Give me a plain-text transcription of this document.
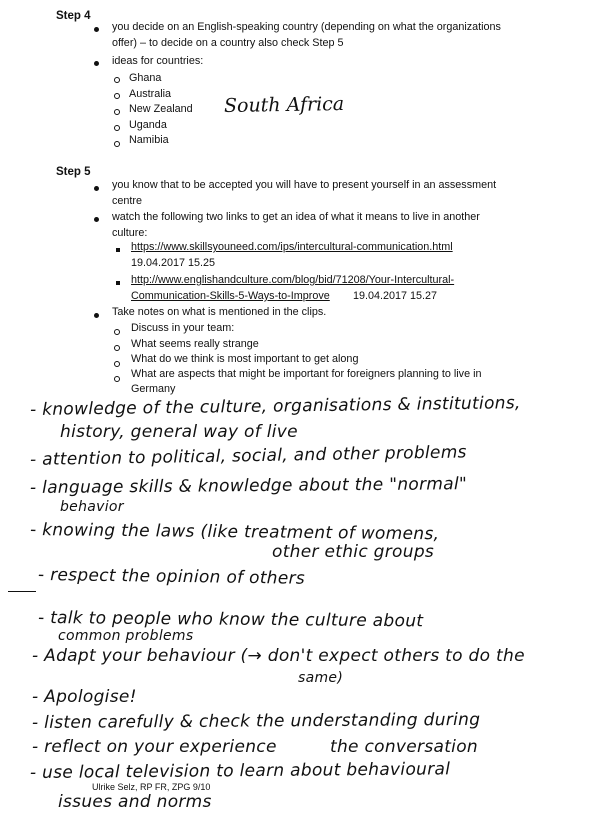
Step 4
you decide on an English-speaking country (depending on what the organizations
offer) – to decide on a country also check Step 5
ideas for countries:
Ghana
Australia
New Zealand
Uganda
Namibia
South Africa
Step 5
you know that to be accepted you will have to present yourself in an assessment
centre
watch the following two links to get an idea of what it means to live in another
culture:
https://www.skillsyouneed.com/ips/intercultural-communication.html
19.04.2017 15.25
http://www.englishandculture.com/blog/bid/71208/Your-Intercultural-
Communication-Skills-5-Ways-to-Improve 19.04.2017 15.27
Take notes on what is mentioned in the clips.
Discuss in your team:
What seems really strange
What do we think is most important to get along
What are aspects that might be important for foreigners planning to live in
Germany
- knowledge of the culture, organisations & institutions,
history, general way of live
- attention to political, social, and other problems
- language skills & knowledge about the "normal"
behavior
- knowing the laws (like treatment of womens,
other ethic groups
- respect the opinion of others
- talk to people who know the culture about
common problems
- Adapt your behaviour (→ don't expect others to do the
same)
- Apologise!
- listen carefully & check the understanding during
- reflect on your experience	the conversation
Ulrike Selz, RP FR, ZPG 9/10
- use local television to learn about behavioural
issues and norms
